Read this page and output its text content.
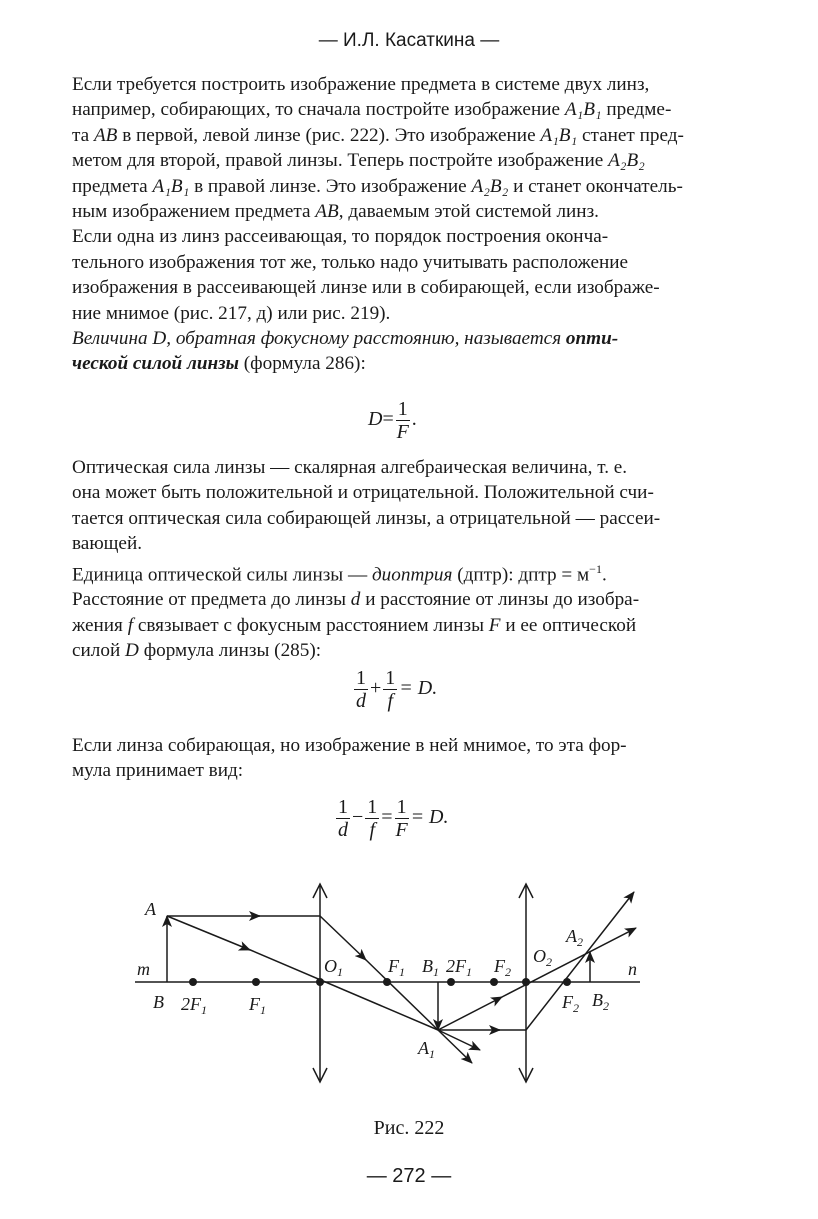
— И.Л. Касаткина —
Если требуется построить изображение предмета в системе двух линз,
например, собирающих, то сначала постройте изображение A₁B₁ предме-
та AB в первой, левой линзе (рис. 222). Это изображение A₁B₁ станет пред-
метом для второй, правой линзы. Теперь постройте изображение A₂B₂
предмета A₁B₁ в правой линзе. Это изображение A₂B₂ и станет окончатель-
ным изображением предмета AB, даваемым этой системой линз.
Если одна из линз рассеивающая, то порядок построения оконча-
тельного изображения тот же, только надо учитывать расположение
изображения в рассеивающей линзе или в собирающей, если изображе-
ние мнимое (рис. 217, д) или рис. 219).
Величина D, обратная фокусному расстоянию, называется опти-
ческой силой линзы (формула 286):
$D= \frac{1}{F}$ .
Оптическая сила линзы — скалярная алгебраическая величина, т. е.
она может быть положительной и отрицательной. Положительной счи-
тается оптическая сила собирающей линзы, а отрицательной — рассеи-
вающей.
Единица оптической силы линзы — диоптрия (дптр): дптр = $м^{-1}$.
Расстояние от предмета до линзы d и расстояние от линзы до изобра-
жения f связывает с фокусным расстоянием линзы F и ее оптической
силой D формула линзы (285):
$\frac{1}{d} + \frac{1}{f} = D$.
Если линза собирающая, но изображение в ней мнимое, то эта фор-
мула принимает вид:
$\frac{1}{d} - \frac{1}{f} = \frac{1}{F} = D$.
A
m
B $2F_1$ $F_1$
$O_1$	$F_1$ $B_1$ $2F_1$ $F_2$
$O_2$
$A_2$
n
$F_2$ $B_2$
$A_1$
Рис. 222
— 272 —
